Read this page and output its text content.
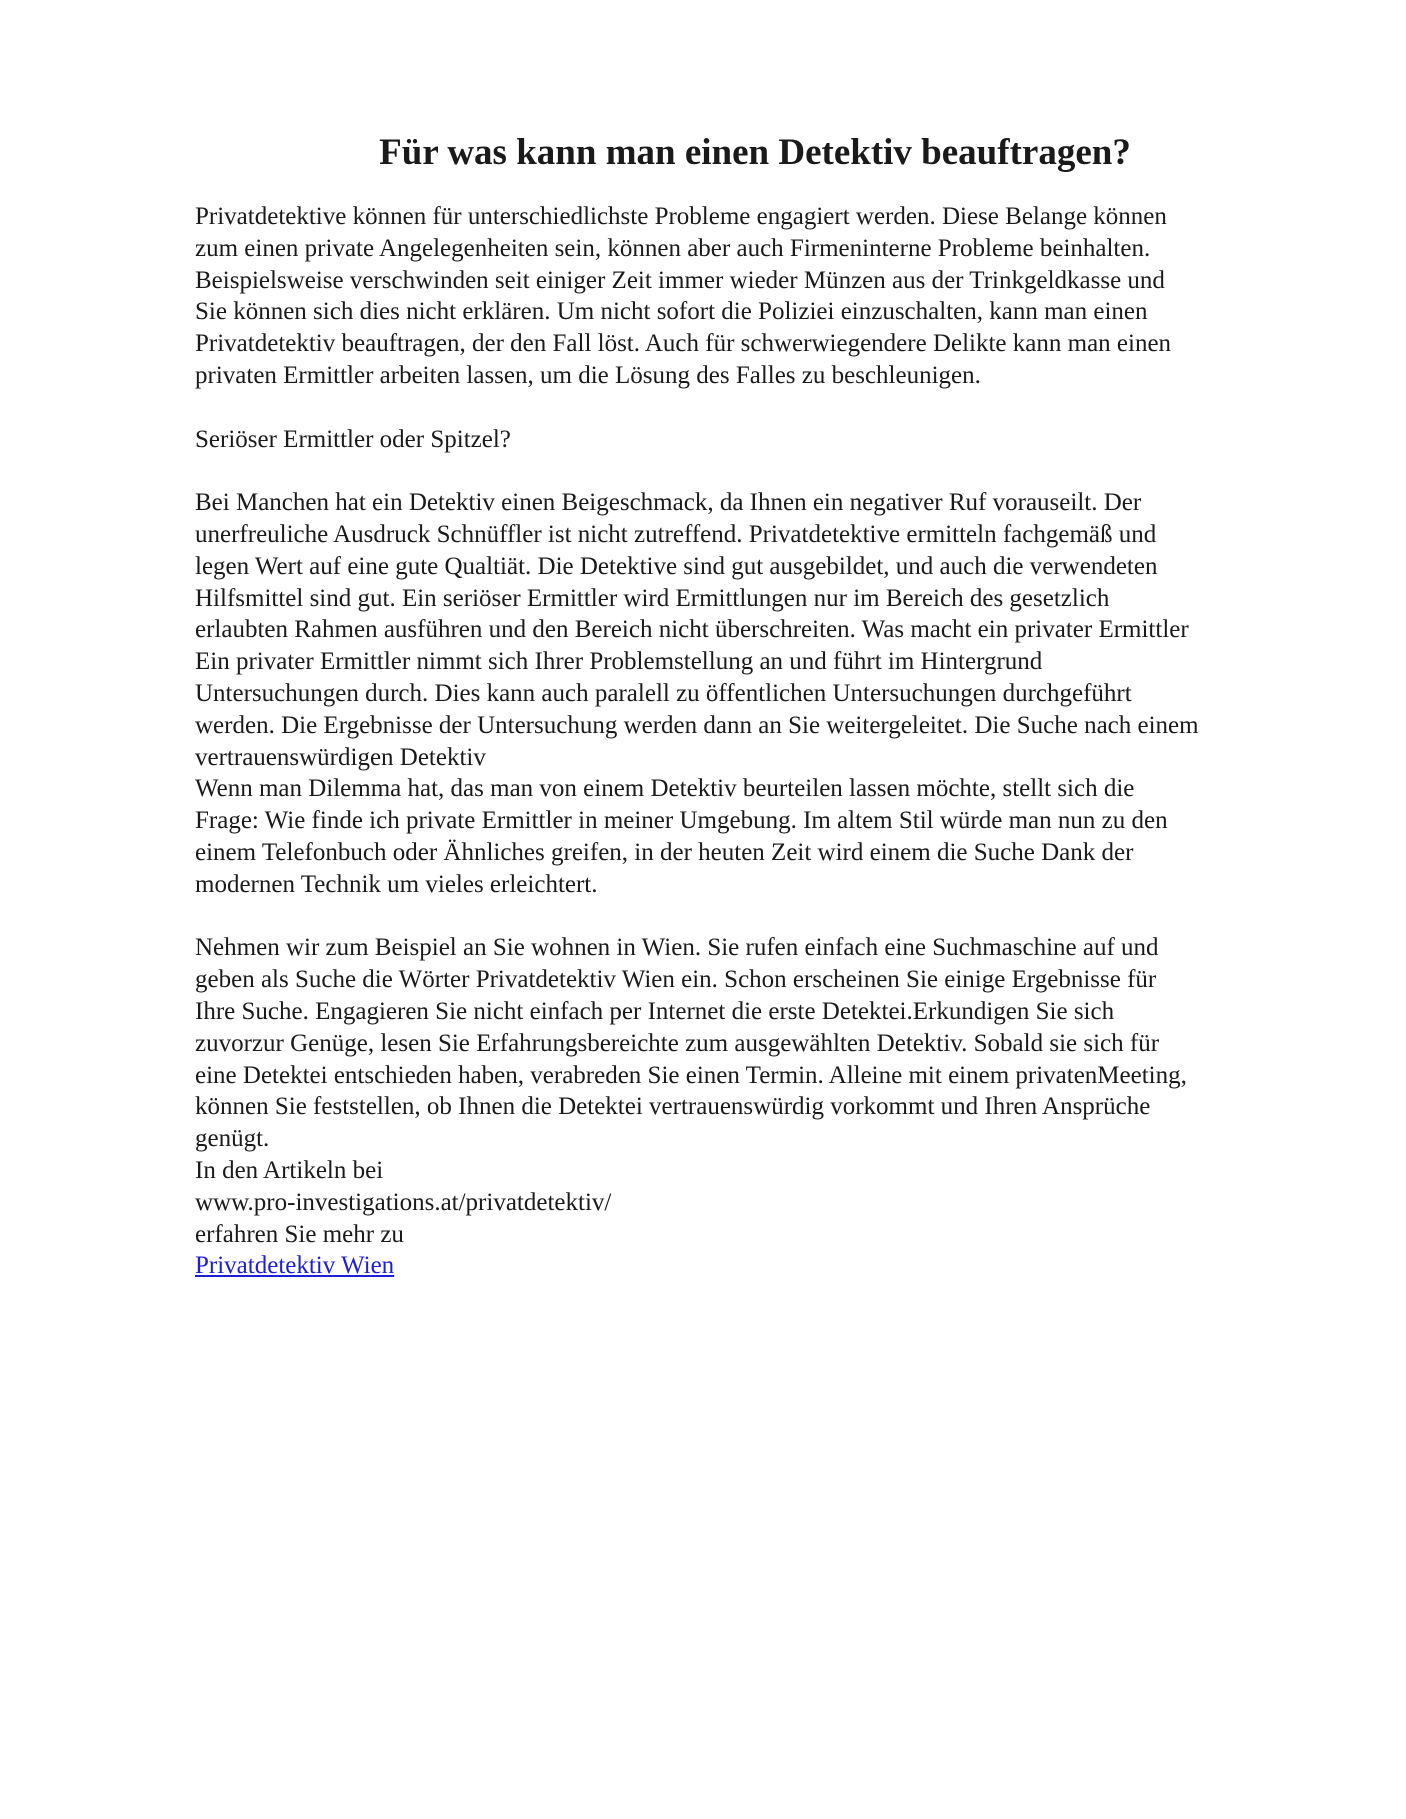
Für was kann man einen Detektiv beauftragen?

Privatdetektive können für unterschiedlichste Probleme engagiert werden. Diese Belange können

zum einen private Angelegenheiten sein, können aber auch Firmeninterne Probleme beinhalten.

Beispielsweise verschwinden seit einiger Zeit immer wieder Münzen aus der Trinkgeldkasse und

Sie können sich dies nicht erklären. Um nicht sofort die Poliziei einzuschalten, kann man einen

Privatdetektiv beauftragen, der den Fall löst. Auch für schwerwiegendere Delikte kann man einen

privaten Ermittler arbeiten lassen, um die Lösung des Falles zu beschleunigen.

Seriöser Ermittler oder Spitzel?

Bei Manchen hat ein Detektiv einen Beigeschmack, da Ihnen ein negativer Ruf vorauseilt. Der

unerfreuliche Ausdruck Schnüffler ist nicht zutreffend. Privatdetektive ermitteln fachgemäß und

legen Wert auf eine gute Qualtiät. Die Detektive sind gut ausgebildet, und auch die verwendeten

Hilfsmittel sind gut. Ein seriöser Ermittler wird Ermittlungen nur im Bereich des gesetzlich

erlaubten Rahmen ausführen und den Bereich nicht überschreiten. Was macht ein privater Ermittler

Ein privater Ermittler nimmt sich Ihrer Problemstellung an und führt im Hintergrund

Untersuchungen durch. Dies kann auch paralell zu öffentlichen Untersuchungen durchgeführt

werden. Die Ergebnisse der Untersuchung werden dann an Sie weitergeleitet. Die Suche nach einem

vertrauenswürdigen Detektiv

Wenn man Dilemma hat, das man von einem Detektiv beurteilen lassen möchte, stellt sich die

Frage: Wie finde ich private Ermittler in meiner Umgebung. Im altem Stil würde man nun zu den

einem Telefonbuch oder Ähnliches greifen, in der heuten Zeit wird einem die Suche Dank der

modernen Technik um vieles erleichtert.

Nehmen wir zum Beispiel an Sie wohnen in Wien. Sie rufen einfach eine Suchmaschine auf und

geben als Suche die Wörter Privatdetektiv Wien ein. Schon erscheinen Sie einige Ergebnisse für

Ihre Suche. Engagieren Sie nicht einfach per Internet die erste Detektei.Erkundigen Sie sich

zuvorzur Genüge, lesen Sie Erfahrungsbereichte zum ausgewählten Detektiv. Sobald sie sich für

eine Detektei entschieden haben, verabreden Sie einen Termin. Alleine mit einem privatenMeeting,

können Sie feststellen, ob Ihnen die Detektei vertrauenswürdig vorkommt und Ihren Ansprüche

genügt.

In den Artikeln bei

www.pro-investigations.at/privatdetektiv/

erfahren Sie mehr zu

Privatdetektiv Wien
